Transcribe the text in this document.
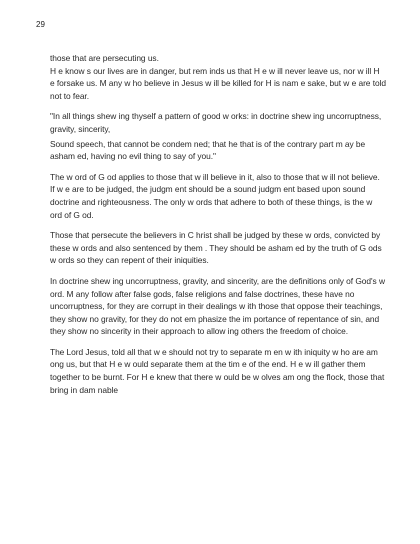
29

those that are persecuting us.
H e know s our lives are in danger, but rem inds us that H e w ill never leave us, nor w ill H e forsake us. M any w ho believe in Jesus w ill be killed for H is nam e sake, but w e are told not to fear.

"In all things shew ing thyself a pattern of good w orks: in doctrine shew ing uncorruptness, gravity, sincerity,

Sound speech, that cannot be condem ned; that he that is of the contrary part m ay be asham ed, having no evil thing to say of you."

The w ord of G od applies to those that w ill believe in it, also to those that w ill not believe. If w e are to be judged, the judgm ent should be a sound judgm ent based upon sound doctrine and righteousness. The only w ords that adhere to both of these things, is the w ord of G od.

Those that persecute the believers in C hrist shall be judged by these w ords, convicted by these w ords and also sentenced by them . They should be asham ed by the truth of G ods w ords so they can repent of their iniquities.

In doctrine shew ing uncorruptness, gravity, and sincerity, are the definitions only of God's w ord. M any follow after false gods, false religions and false doctrines, these have no uncorruptness, for they are corrupt in their dealings w ith those that oppose their teachings, they show no gravity, for they do not em phasize the im portance of repentance of sin, and they show no sincerity in their approach to allow ing others the freedom of choice.

The Lord Jesus, told all that w e should not try to separate m en w ith iniquity w ho are am ong us, but that H e w ould separate them at the tim e of the end. H e w ill gather them together to be burnt. For H e knew that there w ould be w olves am ong the flock, those that bring in dam nable
